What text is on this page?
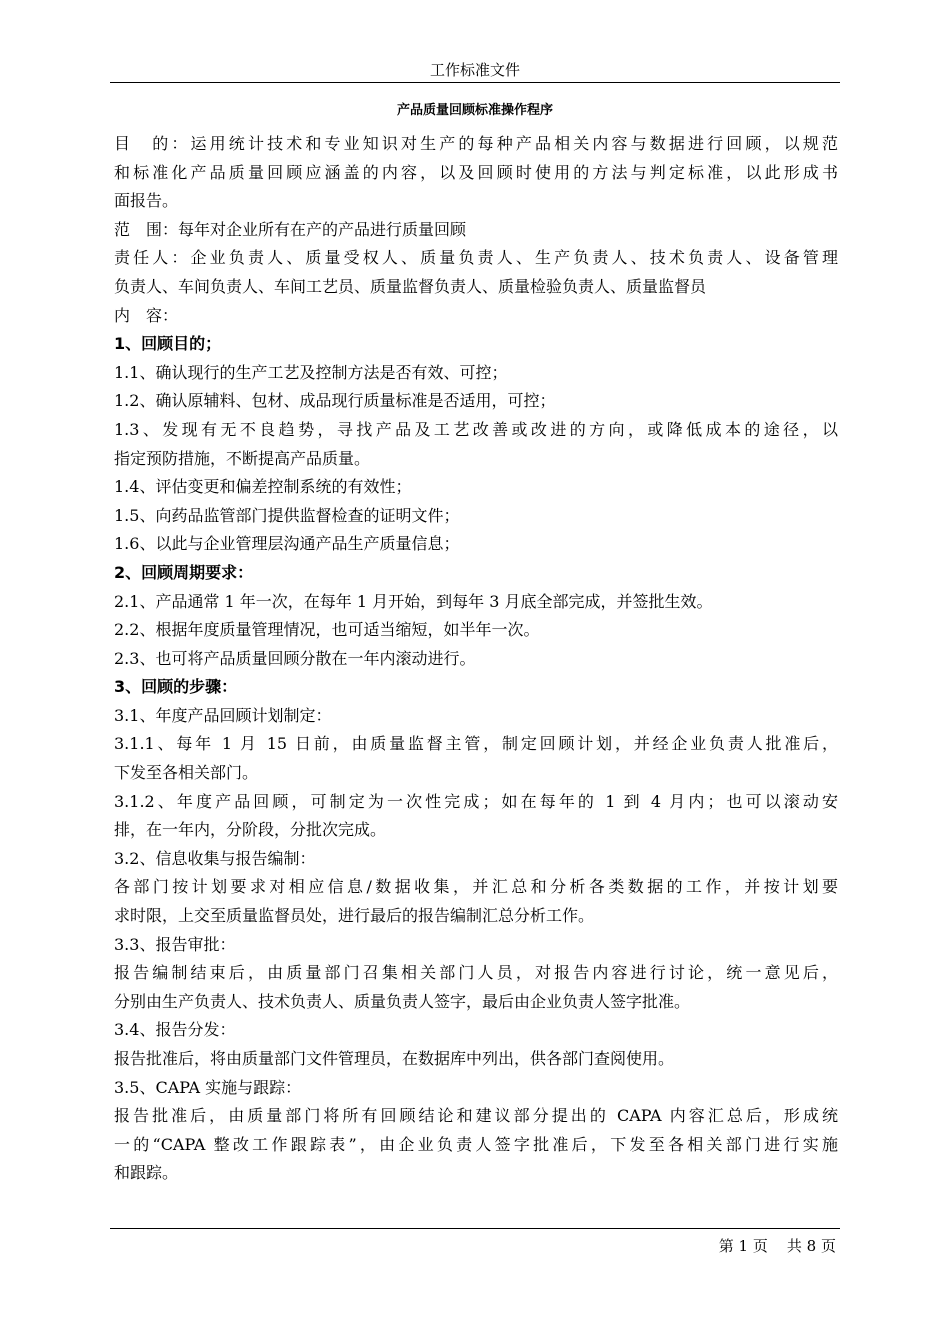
工作标准文件
产品质量回顾标准操作程序
目　的：运用统计技术和专业知识对生产的每种产品相关内容与数据进行回顾，以规范
和标准化产品质量回顾应涵盖的内容，以及回顾时使用的方法与判定标准，以此形成书
面报告。
范　围：每年对企业所有在产的产品进行质量回顾
责任人：企业负责人、质量受权人、质量负责人、生产负责人、技术负责人、设备管理
负责人、车间负责人、车间工艺员、质量监督负责人、质量检验负责人、质量监督员
内　容：
1、回顾目的；
1.1、确认现行的生产工艺及控制方法是否有效、可控；
1.2、确认原辅料、包材、成品现行质量标准是否适用，可控；
1.3、发现有无不良趋势，寻找产品及工艺改善或改进的方向，或降低成本的途径，以
指定预防措施，不断提高产品质量。
1.4、评估变更和偏差控制系统的有效性；
1.5、向药品监管部门提供监督检查的证明文件；
1.6、以此与企业管理层沟通产品生产质量信息；
2、回顾周期要求：
2.1、产品通常 1 年一次，在每年 1 月开始，到每年 3 月底全部完成，并签批生效。
2.2、根据年度质量管理情况，也可适当缩短，如半年一次。
2.3、也可将产品质量回顾分散在一年内滚动进行。
3、回顾的步骤：
3.1、年度产品回顾计划制定：
3.1.1、每年 1 月 15 日前，由质量监督主管，制定回顾计划，并经企业负责人批准后，
下发至各相关部门。
3.1.2、年度产品回顾，可制定为一次性完成；如在每年的 1 到 4 月内；也可以滚动安
排，在一年内，分阶段，分批次完成。
3.2、信息收集与报告编制：
各部门按计划要求对相应信息/数据收集，并汇总和分析各类数据的工作，并按计划要
求时限，上交至质量监督员处，进行最后的报告编制汇总分析工作。
3.3、报告审批：
报告编制结束后，由质量部门召集相关部门人员，对报告内容进行讨论，统一意见后，
分别由生产负责人、技术负责人、质量负责人签字，最后由企业负责人签字批准。
3.4、报告分发：
报告批准后，将由质量部门文件管理员，在数据库中列出，供各部门查阅使用。
3.5、CAPA 实施与跟踪：
报告批准后，由质量部门将所有回顾结论和建议部分提出的 CAPA 内容汇总后，形成统
一的“CAPA 整改工作跟踪表”，由企业负责人签字批准后，下发至各相关部门进行实施
和跟踪。
第 1 页    共 8 页
